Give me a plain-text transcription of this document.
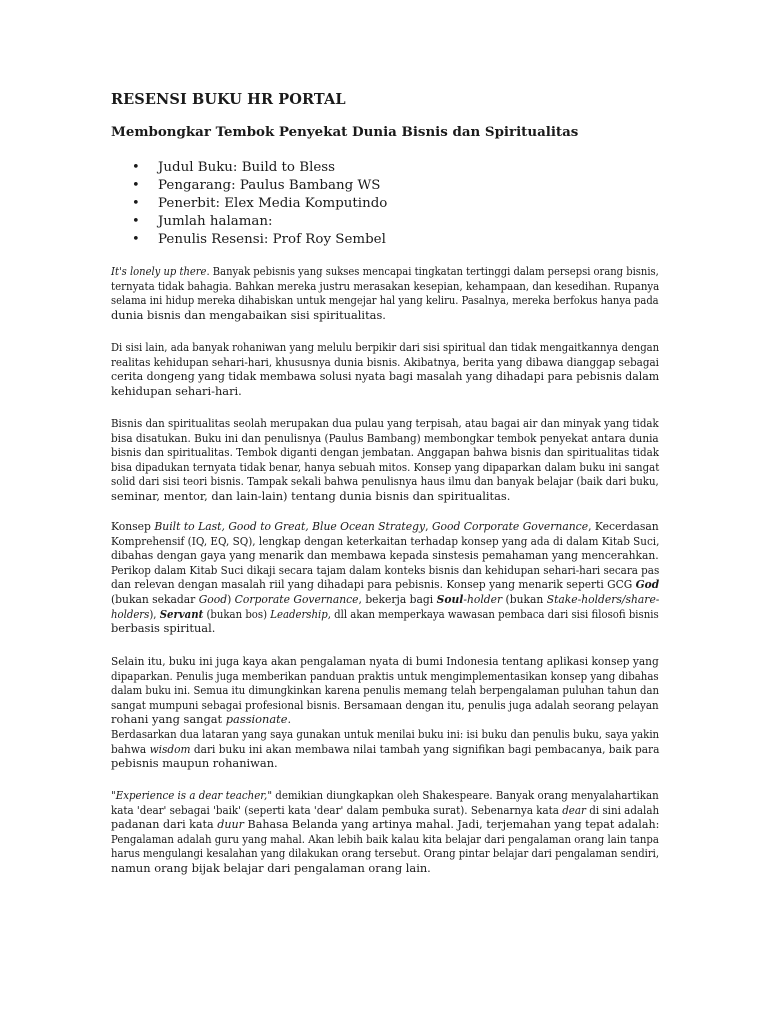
RESENSI BUKU HR PORTAL
Membongkar Tembok Penyekat Dunia Bisnis dan Spiritualitas
• Judul Buku: Build to Bless
• Pengarang: Paulus Bambang WS
• Penerbit: Elex Media Komputindo
• Jumlah halaman:
• Penulis Resensi: Prof Roy Sembel
It's lonely up there. Banyak pebisnis yang sukses mencapai tingkatan tertinggi dalam persepsi orang bisnis,
ternyata tidak bahagia. Bahkan mereka justru merasakan kesepian, kehampaan, dan kesedihan. Rupanya
selama ini hidup mereka dihabiskan untuk mengejar hal yang keliru. Pasalnya, mereka berfokus hanya pada
dunia bisnis dan mengabaikan sisi spiritualitas.
Di sisi lain, ada banyak rohaniwan yang melulu berpikir dari sisi spiritual dan tidak mengaitkannya dengan
realitas kehidupan sehari-hari, khususnya dunia bisnis. Akibatnya, berita yang dibawa dianggap sebagai
cerita dongeng yang tidak membawa solusi nyata bagi masalah yang dihadapi para pebisnis dalam
kehidupan sehari-hari.
Bisnis dan spiritualitas seolah merupakan dua pulau yang terpisah, atau bagai air dan minyak yang tidak
bisa disatukan. Buku ini dan penulisnya (Paulus Bambang) membongkar tembok penyekat antara dunia
bisnis dan spiritualitas. Tembok diganti dengan jembatan. Anggapan bahwa bisnis dan spiritualitas tidak
bisa dipadukan ternyata tidak benar, hanya sebuah mitos. Konsep yang dipaparkan dalam buku ini sangat
solid dari sisi teori bisnis. Tampak sekali bahwa penulisnya haus ilmu dan banyak belajar (baik dari buku,
seminar, mentor, dan lain-lain) tentang dunia bisnis dan spiritualitas.
Konsep Built to Last, Good to Great, Blue Ocean Strategy, Good Corporate Governance, Kecerdasan
Komprehensif (IQ, EQ, SQ), lengkap dengan keterkaitan terhadap konsep yang ada di dalam Kitab Suci,
dibahas dengan gaya yang menarik dan membawa kepada sinstesis pemahaman yang mencerahkan.
Perikop dalam Kitab Suci dikaji secara tajam dalam konteks bisnis dan kehidupan sehari-hari secara pas
dan relevan dengan masalah riil yang dihadapi para pebisnis. Konsep yang menarik seperti GCG God
(bukan sekadar Good) Corporate Governance, bekerja bagi Soul-holder (bukan Stake-holders/share-
holders), Servant (bukan bos) Leadership, dll akan memperkaya wawasan pembaca dari sisi filosofi bisnis
berbasis spiritual.
Selain itu, buku ini juga kaya akan pengalaman nyata di bumi Indonesia tentang aplikasi konsep yang
dipaparkan. Penulis juga memberikan panduan praktis untuk mengimplementasikan konsep yang dibahas
dalam buku ini. Semua itu dimungkinkan karena penulis memang telah berpengalaman puluhan tahun dan
sangat mumpuni sebagai profesional bisnis. Bersamaan dengan itu, penulis juga adalah seorang pelayan
rohani yang sangat passionate.
Berdasarkan dua lataran yang saya gunakan untuk menilai buku ini: isi buku dan penulis buku, saya yakin
bahwa wisdom dari buku ini akan membawa nilai tambah yang signifikan bagi pembacanya, baik para
pebisnis maupun rohaniwan.
"Experience is a dear teacher," demikian diungkapkan oleh Shakespeare. Banyak orang menyalahartikan
kata 'dear' sebagai 'baik' (seperti kata 'dear' dalam pembuka surat). Sebenarnya kata dear di sini adalah
padanan dari kata duur Bahasa Belanda yang artinya mahal. Jadi, terjemahan yang tepat adalah:
Pengalaman adalah guru yang mahal. Akan lebih baik kalau kita belajar dari pengalaman orang lain tanpa
harus mengulangi kesalahan yang dilakukan orang tersebut. Orang pintar belajar dari pengalaman sendiri,
namun orang bijak belajar dari pengalaman orang lain.
